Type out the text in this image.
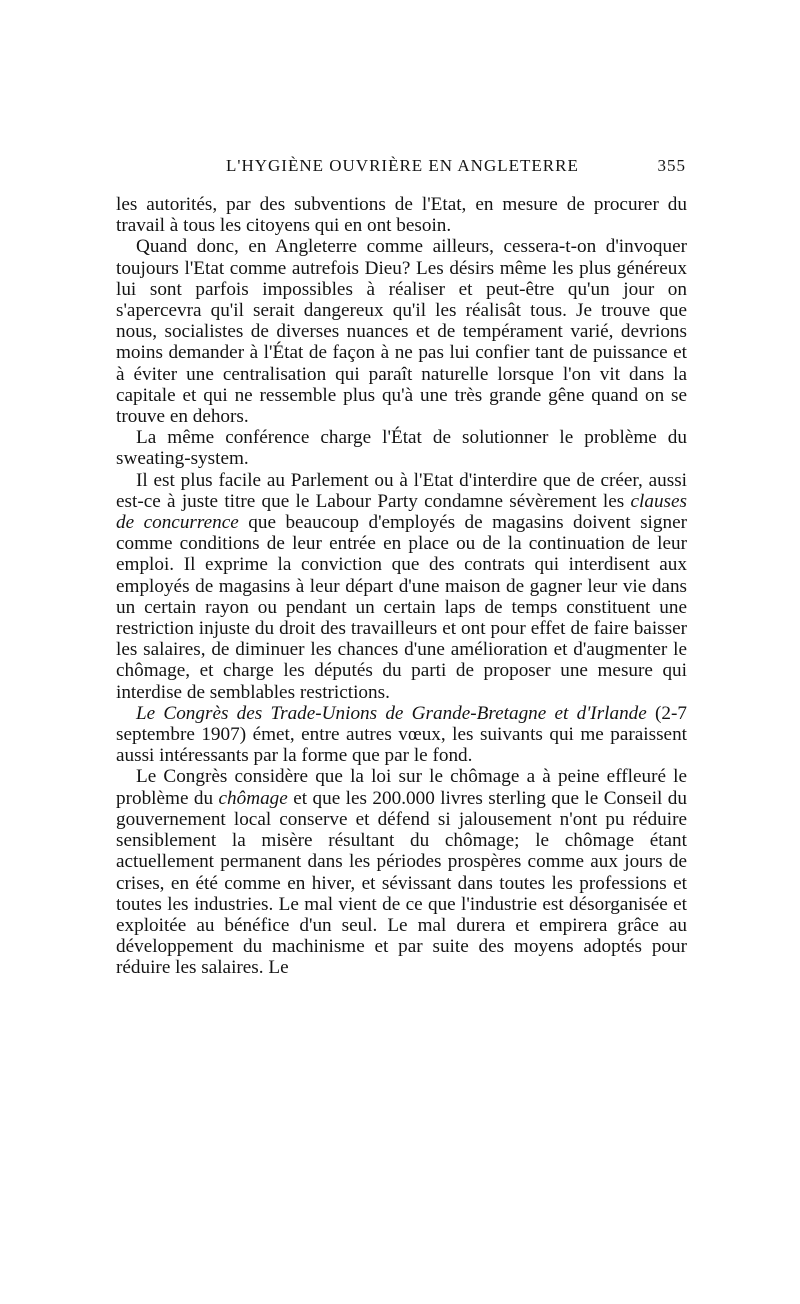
L'HYGIÈNE OUVRIÈRE EN ANGLETERRE	355

les autorités, par des subventions de l'Etat, en mesure de procurer du travail à tous les citoyens qui en ont besoin.

Quand donc, en Angleterre comme ailleurs, cessera-t-on d'invoquer toujours l'Etat comme autrefois Dieu? Les désirs même les plus généreux lui sont parfois impossibles à réaliser et peut-être qu'un jour on s'apercevra qu'il serait dangereux qu'il les réalisât tous. Je trouve que nous, socialistes de diverses nuances et de tempérament varié, devrions moins demander à l'État de façon à ne pas lui confier tant de puissance et à éviter une centralisation qui paraît naturelle lorsque l'on vit dans la capitale et qui ne ressemble plus qu'à une très grande gêne quand on se trouve en dehors.

La même conférence charge l'État de solutionner le problème du sweating-system.

Il est plus facile au Parlement ou à l'Etat d'interdire que de créer, aussi est-ce à juste titre que le Labour Party condamne sévèrement les clauses de concurrence que beaucoup d'employés de magasins doivent signer comme conditions de leur entrée en place ou de la continuation de leur emploi. Il exprime la conviction que des contrats qui interdisent aux employés de magasins à leur départ d'une maison de gagner leur vie dans un certain rayon ou pendant un certain laps de temps constituent une restriction injuste du droit des travailleurs et ont pour effet de faire baisser les salaires, de diminuer les chances d'une amélioration et d'augmenter le chômage, et charge les députés du parti de proposer une mesure qui interdise de semblables restrictions.

Le Congrès des Trade-Unions de Grande-Bretagne et d'Irlande (2-7 septembre 1907) émet, entre autres vœux, les suivants qui me paraissent aussi intéressants par la forme que par le fond.

Le Congrès considère que la loi sur le chômage a à peine effleuré le problème du chômage et que les 200.000 livres sterling que le Conseil du gouvernement local conserve et défend si jalousement n'ont pu réduire sensiblement la misère résultant du chômage; le chômage étant actuellement permanent dans les périodes prospères comme aux jours de crises, en été comme en hiver, et sévissant dans toutes les professions et toutes les industries. Le mal vient de ce que l'industrie est désorganisée et exploitée au bénéfice d'un seul. Le mal durera et empirera grâce au développement du machinisme et par suite des moyens adoptés pour réduire les salaires. Le
